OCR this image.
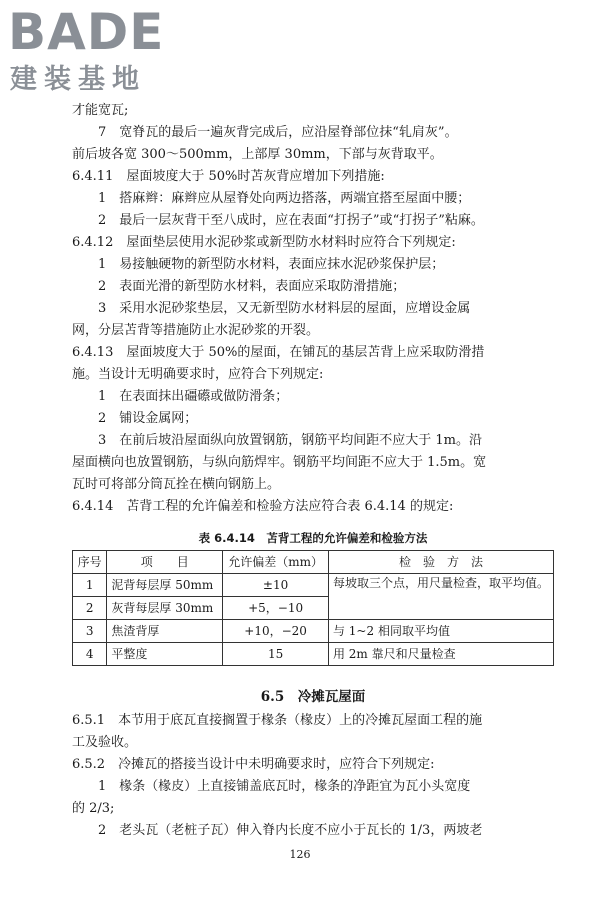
BADE
建装基地
才能宽瓦;
7　宽脊瓦的最后一遍灰背完成后，应沿屋脊部位抹“轧肩灰”。
前后坡各宽 300～500mm，上部厚 30mm，下部与灰背取平。
6.4.11　屋面坡度大于 50%时苫灰背应增加下列措施:
1　搭麻辫：麻辫应从屋脊处向两边搭落，两端宜搭至屋面中腰；
2　最后一层灰背干至八成时，应在表面“打拐子”或“打拐子”粘麻。
6.4.12　屋面垫层使用水泥砂浆或新型防水材料时应符合下列规定:
1　易接触硬物的新型防水材料，表面应抹水泥砂浆保护层；
2　表面光滑的新型防水材料，表面应采取防滑措施；
3　采用水泥砂浆垫层，又无新型防水材料层的屋面，应增设金属
网，分层苫背等措施防止水泥砂浆的开裂。
6.4.13　屋面坡度大于 50%的屋面，在铺瓦的基层苫背上应采取防滑措
施。当设计无明确要求时，应符合下列规定:
1　在表面抹出礓礤或做防滑条；
2　铺设金属网；
3　在前后坡沿屋面纵向放置钢筋，钢筋平均间距不应大于 1m。沿
屋面横向也放置钢筋，与纵向筋焊牢。钢筋平均间距不应大于 1.5m。宽
瓦时可将部分筒瓦拴在横向钢筋上。
6.4.14　苫背工程的允许偏差和检验方法应符合表 6.4.14 的规定:
表 6.4.14　苫背工程的允许偏差和检验方法
序号	项　　目	允许偏差（mm）	检　验　方　法
1	泥背每层厚 50mm	±10	每坡取三个点，用尺量检查，取平均值。
2	灰背每层厚 30mm	+5，−10	
3	焦渣背厚	+10，−20	与 1~2 相同取平均值
4	平整度	15	用 2m 靠尺和尺量检查
6.5　冷摊瓦屋面
6.5.1　本节用于底瓦直接搁置于椽条（椽皮）上的冷摊瓦屋面工程的施
工及验收。
6.5.2　冷摊瓦的搭接当设计中未明确要求时，应符合下列规定:
1　椽条（椽皮）上直接铺盖底瓦时，椽条的净距宜为瓦小头宽度
的 2/3;
2　老头瓦（老桩子瓦）伸入脊内长度不应小于瓦长的 1/3，两坡老
126
